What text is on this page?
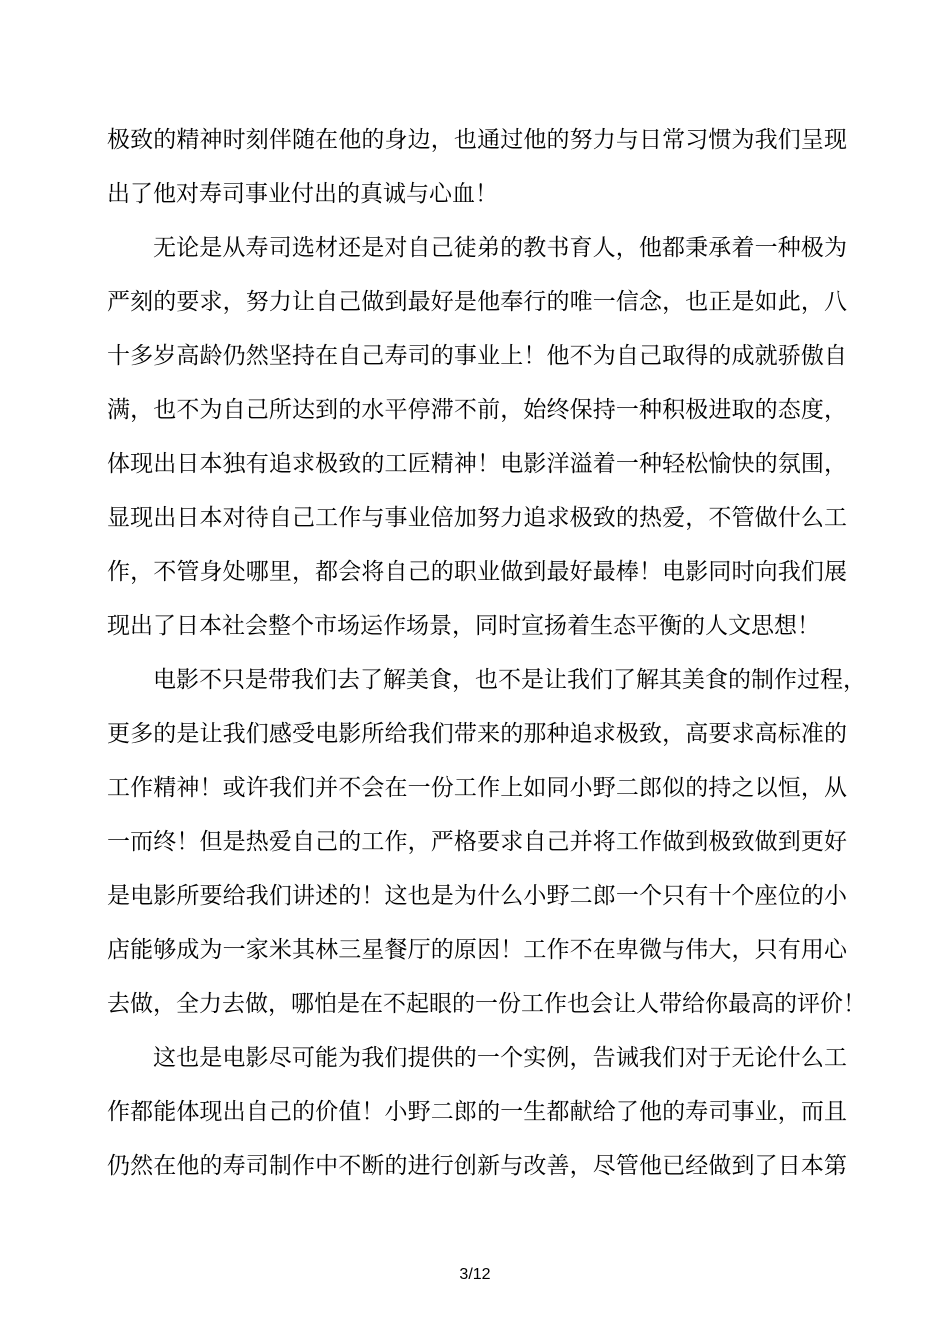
极致的精神时刻伴随在他的身边，也通过他的努力与日常习惯为我们呈现
出了他对寿司事业付出的真诚与心血！
无论是从寿司选材还是对自己徒弟的教书育人，他都秉承着一种极为
严刻的要求，努力让自己做到最好是他奉行的唯一信念，也正是如此，八
十多岁高龄仍然坚持在自己寿司的事业上！他不为自己取得的成就骄傲自
满，也不为自己所达到的水平停滞不前，始终保持一种积极进取的态度，
体现出日本独有追求极致的工匠精神！电影洋溢着一种轻松愉快的氛围，
显现出日本对待自己工作与事业倍加努力追求极致的热爱，不管做什么工
作，不管身处哪里，都会将自己的职业做到最好最棒！电影同时向我们展
现出了日本社会整个市场运作场景，同时宣扬着生态平衡的人文思想！
电影不只是带我们去了解美食，也不是让我们了解其美食的制作过程，
更多的是让我们感受电影所给我们带来的那种追求极致，高要求高标准的
工作精神！或许我们并不会在一份工作上如同小野二郎似的持之以恒，从
一而终！但是热爱自己的工作，严格要求自己并将工作做到极致做到更好
是电影所要给我们讲述的！这也是为什么小野二郎一个只有十个座位的小
店能够成为一家米其林三星餐厅的原因！工作不在卑微与伟大，只有用心
去做，全力去做，哪怕是在不起眼的一份工作也会让人带给你最高的评价！
这也是电影尽可能为我们提供的一个实例，告诫我们对于无论什么工
作都能体现出自己的价值！小野二郎的一生都献给了他的寿司事业，而且
仍然在他的寿司制作中不断的进行创新与改善，尽管他已经做到了日本第
3/12
